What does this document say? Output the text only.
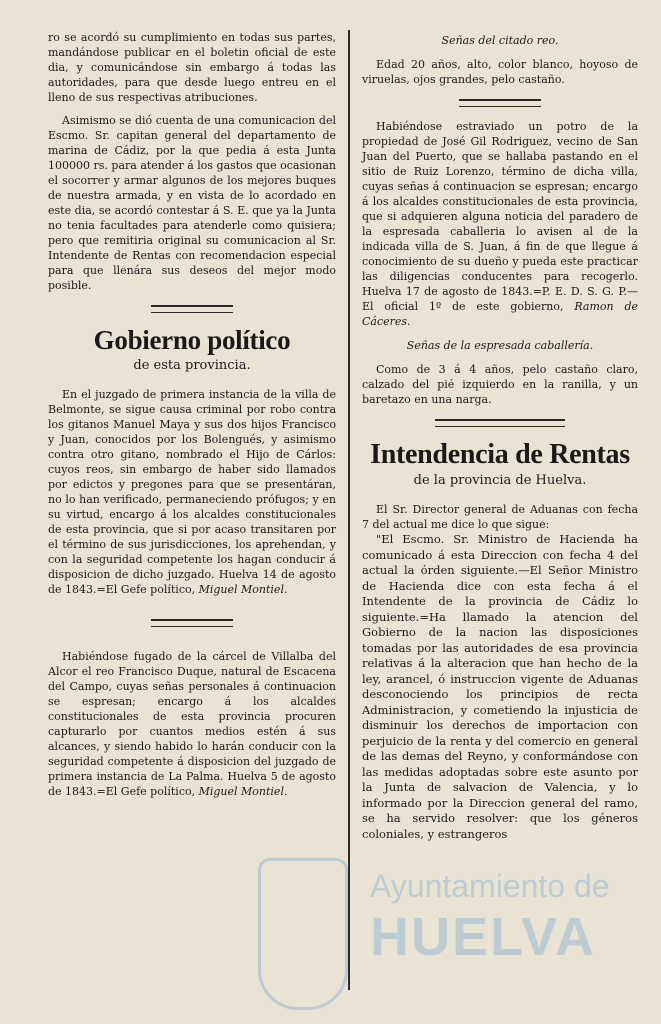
ro se acordó su cumplimiento en todas sus partes, mandándose publicar en el boletin oficial de este dia, y comunicándose sin embargo á todas las autoridades, para que desde luego entreu en el lleno de sus respectivas atribuciones.

Asimismo se dió cuenta de una comunicacion del Escmo. Sr. capitan general del departamento de marina de Cádiz, por la que pedia á esta Junta 100000 rs. para atender á los gastos que ocasionan el socorrer y armar algunos de los mejores buques de nuestra armada, y en vista de lo acordado en este dia, se acordó contestar á S. E. que ya la Junta no tenia facultades para atenderle como quisiera; pero que remitiria original su comunicacion al Sr. Intendente de Rentas con recomendacion especial para que llenára sus deseos del mejor modo posible.

Gobierno político
de esta provincia.

En el juzgado de primera instancia de la villa de Belmonte, se sigue causa criminal por robo contra los gitanos Manuel Maya y sus dos hijos Francisco y Juan, conocidos por los Bolengués, y asimismo contra otro gitano, nombrado el Hijo de Cárlos: cuyos reos, sin embargo de haber sido llamados por edictos y pregones para que se presentáran, no lo han verificado, permaneciendo prófugos; y en su virtud, encargo á los alcaldes constitucionales de esta provincia, que si por acaso transitaren por el término de sus jurisdicciones, los aprehendan, y con la seguridad competente los hagan conducir á disposicion de dicho juzgado. Huelva 14 de agosto de 1843.=El Gefe político, Miguel Montiel.

Habiéndose fugado de la cárcel de Villalba del Alcor el reo Francisco Duque, natural de Escacena del Campo, cuyas señas personales á continuacion se espresan; encargo á los alcaldes constitucionales de esta provincia procuren capturarlo por cuantos medios estén á sus alcances, y siendo habido lo harán conducir con la seguridad competente á disposicion del juzgado de primera instancia de La Palma. Huelva 5 de agosto de 1843.=El Gefe político, Miguel Montiel.

Señas del citado reo.

Edad 20 años, alto, color blanco, hoyoso de viruelas, ojos grandes, pelo castaño.

Habiéndose estraviado un potro de la propiedad de José Gil Rodriguez, vecino de San Juan del Puerto, que se hallaba pastando en el sitio de Ruiz Lorenzo, término de dicha villa, cuyas señas á continuacion se espresan; encargo á los alcaldes constitucionales de esta provincia, que si adquieren alguna noticia del paradero de la espresada caballeria lo avisen al de la indicada villa de S. Juan, á fin de que llegue á conocimiento de su dueño y pueda este practicar las diligencias conducentes para recogerlo. Huelva 17 de agosto de 1843.=P. E. D. S. G. P.—El oficial 1º de este gobierno, Ramon de Cáceres.

Señas de la espresada caballería.

Como de 3 á 4 años, pelo castaño claro, calzado del pié izquierdo en la ranilla, y un baretazo en una narga.

Intendencia de Rentas
de la provincia de Huelva.

El Sr. Director general de Aduanas con fecha 7 del actual me dice lo que sigue:

"El Escmo. Sr. Ministro de Hacienda ha comunicado á esta Direccion con fecha 4 del actual la órden siguiente.—El Señor Ministro de Hacienda dice con esta fecha á el Intendente de la provincia de Cádiz lo siguiente.=Ha llamado la atencion del Gobierno de la nacion las disposiciones tomadas por las autoridades de esa provincia relativas á la alteracion que han hecho de la ley, arancel, ó instruccion vigente de Aduanas desconociendo los principios de recta Administracion, y cometiendo la injusticia de disminuir los derechos de importacion con perjuicio de la renta y del comercio en general de las demas del Reyno, y conformándose con las medidas adoptadas sobre este asunto por la Junta de salvacion de Valencia, y lo informado por la Direccion general del ramo, se ha servido resolver: que los géneros coloniales, y estrangeros

Ayuntamiento de
HUELVA
